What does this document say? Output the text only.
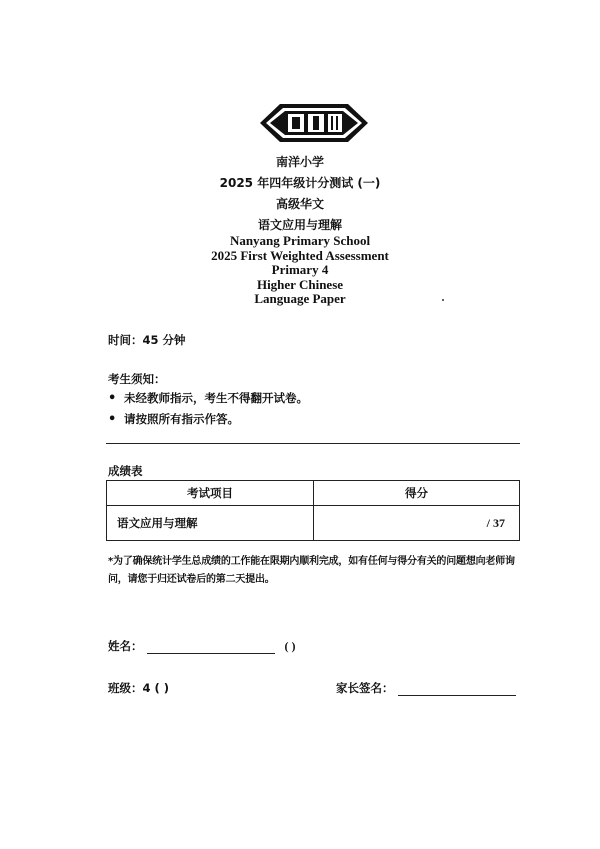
南洋小学
2025 年四年级计分测试 (一)
高级华文
语文应用与理解
Nanyang Primary School
2025 First Weighted Assessment
Primary 4
Higher Chinese
Language Paper
时间：45 分钟
考生须知：
• 未经教师指示，考生不得翻开试卷。
• 请按照所有指示作答。
成绩表
考试项目	得分
语文应用与理解	/ 37
*为了确保统计学生总成绩的工作能在限期内顺利完成，如有任何与得分有关的问题想向老师询问，请您于归还试卷后的第二天提出。
姓名：	( )
班级：4 ( )	家长签名：
